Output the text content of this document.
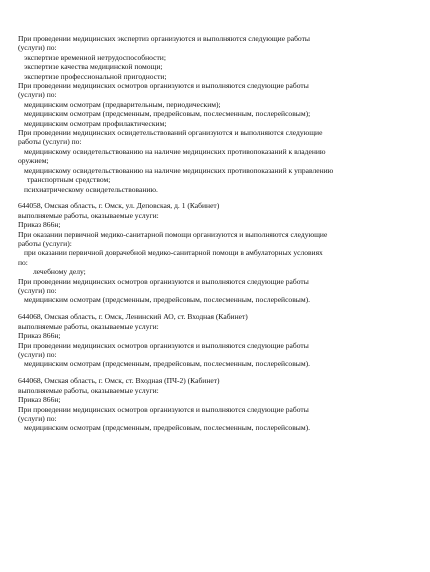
При проведении медицинских экспертиз организуются и выполняются следующие работы
(услуги) по:
экспертизе временной нетрудоспособности;
экспертизе качества медицинской помощи;
экспертизе профессиональной пригодности;
При проведении медицинских осмотров организуются и выполняются следующие работы
(услуги) по:
медицинским осмотрам (предварительным, периодическим);
медицинским осмотрам (предсменным, предрейсовым, послесменным, послерейсовым);
медицинским осмотрам профилактическим;
При проведении медицинских освидетельствований организуются и выполняются следующие
работы (услуги) по:
медицинскому освидетельствованию на наличие медицинских противопоказаний к владению
оружием;
медицинскому освидетельствованию на наличие медицинских противопоказаний к управлению
транспортным средством;
психиатрическому освидетельствованию.
644058, Омская область, г. Омск, ул. Деповская, д. 1 (Кабинет)
выполняемые работы, оказываемые услуги:
Приказ 866н;
При оказании первичной медико-санитарной помощи организуются и выполняются следующие
работы (услуги):
при оказании первичной доврачебной медико-санитарной помощи в амбулаторных условиях
по:
лечебному делу;
При проведении медицинских осмотров организуются и выполняются следующие работы
(услуги) по:
медицинским осмотрам (предсменным, предрейсовым, послесменным, послерейсовым).
644068, Омская область, г. Омск, Ленинский АО, ст. Входная (Кабинет)
выполняемые работы, оказываемые услуги:
Приказ 866н;
При проведении медицинских осмотров организуются и выполняются следующие работы
(услуги) по:
медицинским осмотрам (предсменным, предрейсовым, послесменным, послерейсовым).
644068, Омская область, г. Омск, ст. Входная (ПЧ-2) (Кабинет)
выполняемые работы, оказываемые услуги:
Приказ 866н;
При проведении медицинских осмотров организуются и выполняются следующие работы
(услуги) по:
медицинским осмотрам (предсменным, предрейсовым, послесменным, послерейсовым).
